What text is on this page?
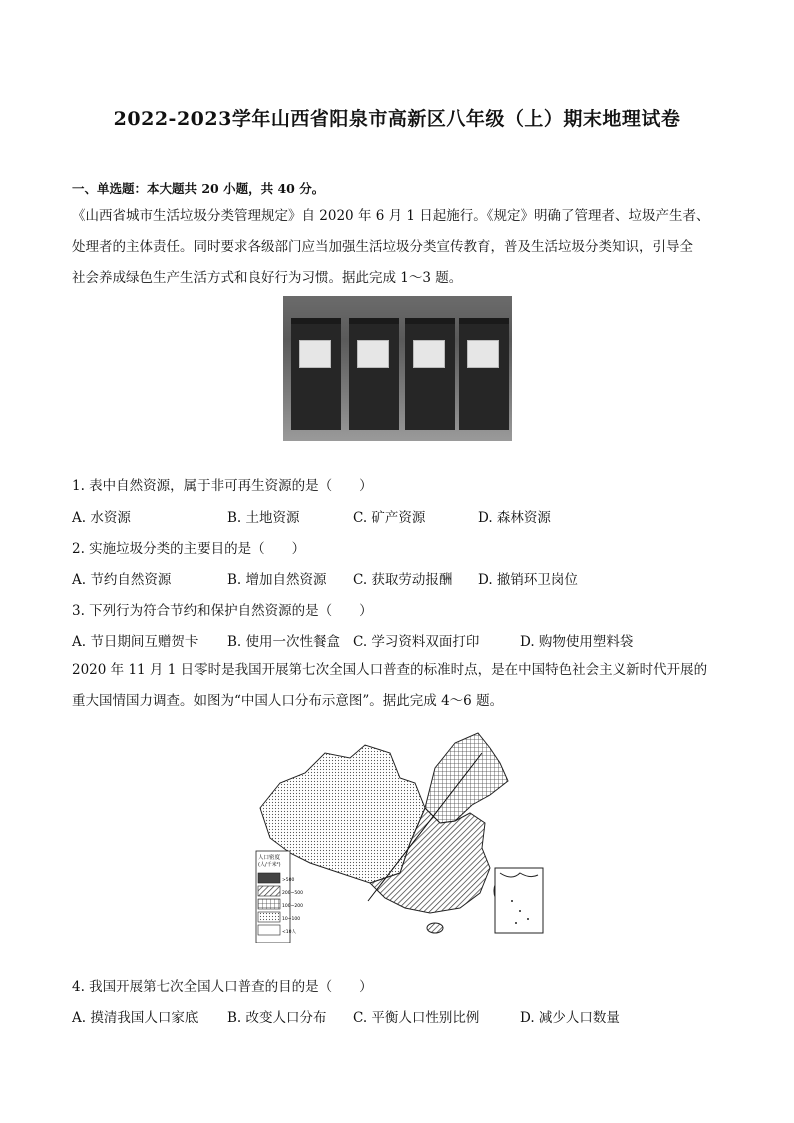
2022-2023学年山西省阳泉市高新区八年级（上）期末地理试卷
一、单选题：本大题共 20 小题，共 40 分。
《山西省城市生活垃圾分类管理规定》自 2020 年 6 月 1 日起施行。《规定》明确了管理者、垃圾产生者、
处理者的主体责任。同时要求各级部门应当加强生活垃圾分类宣传教育，普及生活垃圾分类知识，引导全
社会养成绿色生产生活方式和良好行为习惯。据此完成 1～3 题。
1. 表中自然资源，属于非可再生资源的是（　　）
A. 水资源	B. 土地资源	C. 矿产资源	D. 森林资源
2. 实施垃圾分类的主要目的是（　　）
A. 节约自然资源	B. 增加自然资源 C. 获取劳动报酬 D. 撤销环卫岗位
3. 下列行为符合节约和保护自然资源的是（　　）
A. 节日期间互赠贺卡 B. 使用一次性餐盒 C. 学习资料双面打印	D. 购物使用塑料袋
2020 年 11 月 1 日零时是我国开展第七次全国人口普查的标准时点，是在中国特色社会主义新时代开展的
重大国情国力调查。如图为“中国人口分布示意图”。据此完成 4～6 题。
人口密度
(人/千米²)
>500
200~500
100~200
10~100
<10人
4. 我国开展第七次全国人口普查的目的是（　　）
A. 摸清我国人口家底 B. 改变人口分布 C. 平衡人口性别比例	D. 减少人口数量
